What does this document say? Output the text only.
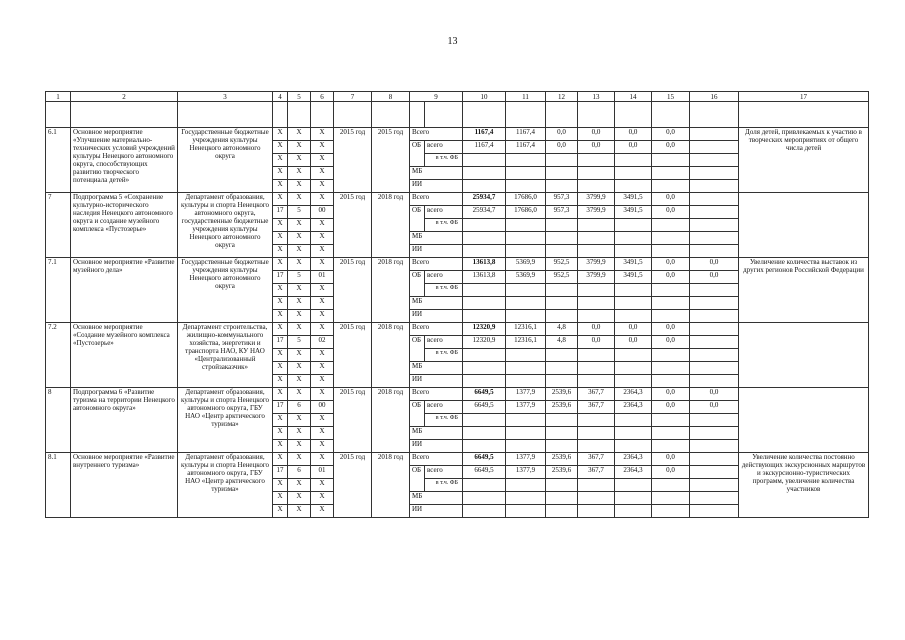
13
1	2	3	4	5	6	7	8	9		10	11	12	13	14	15	16	17

6.1	Основное мероприятие «Улучшение материально-технических условий учреждений культуры Ненецкого автономного округа, способствующих развитию творческого потенциала детей»	Государственные бюджетные учреждения культуры Ненецкого автономного округа	Х	Х	Х	2015 год	2015 год	Всего		1167,4	1167,4	0,0	0,0	0,0	0,0		Доля детей, привлекаемых к участию в творческих мероприятиях от общего числа детей
			Х	Х	Х			ОБ	всего	1167,4	1167,4	0,0	0,0	0,0	0,0		
			Х	Х	Х				в т.ч. ФБ								
			Х	Х	Х			МБ									
			Х	Х	Х			ИИ									
7	Подпрограмма 5 «Сохранение культурно-исторического наследия Ненецкого автономного округа и создание музейного комплекса «Пустозерье»	Департамент образования, культуры и спорта Ненецкого автономного округа, государственные бюджетные учреждения культуры Ненецкого автономного округа	Х	Х	Х	2015 год	2018 год	Всего		25934,7	17686,0	957,3	3799,9	3491,5	0,0		
			17	5	00			ОБ	всего	25934,7	17686,0	957,3	3799,9	3491,5	0,0		
			Х	Х	Х				в т.ч. ФБ								
			Х	Х	Х			МБ									
			Х	Х	Х			ИИ									
7.1	Основное мероприятие «Развитие музейного дела»	Государственные бюджетные учреждения культуры Ненецкого автономного округа	Х	Х	Х	2015 год	2018 год	Всего		13613,8	5369,9	952,5	3799,9	3491,5	0,0	0,0	Увеличение количества выставок из других регионов Российской Федерации
			17	5	01			ОБ	всего	13613,8	5369,9	952,5	3799,9	3491,5	0,0	0,0	
			Х	Х	Х				в т.ч. ФБ								
			Х	Х	Х			МБ									
			Х	Х	Х			ИИ									
7.2	Основное мероприятие «Создание музейного комплекса «Пустозерье»	Департамент строительства, жилищно-коммунального хозяйства, энергетики и транспорта НАО, КУ НАО «Централизованный стройзаказчик»	Х	Х	Х	2015 год	2018 год	Всего		12320,9	12316,1	4,8	0,0	0,0	0,0		
			17	5	02			ОБ	всего	12320,9	12316,1	4,8	0,0	0,0	0,0		
			Х	Х	Х				в т.ч. ФБ								
			Х	Х	Х			МБ									
			Х	Х	Х			ИИ									
8	Подпрограмма 6 «Развитие туризма на территории Ненецкого автономного округа»	Департамент образования, культуры и спорта Ненецкого автономного округа, ГБУ НАО «Центр арктического туризма»	Х	Х	Х	2015 год	2018 год	Всего		6649,5	1377,9	2539,6	367,7	2364,3	0,0	0,0	
			17	6	00			ОБ	всего	6649,5	1377,9	2539,6	367,7	2364,3	0,0	0,0	
			Х	Х	Х				в т.ч. ФБ								
			Х	Х	Х			МБ									
			Х	Х	Х			ИИ									
8.1	Основное мероприятие «Развитие внутреннего туризма»	Департамент образования, культуры и спорта Ненецкого автономного округа, ГБУ НАО «Центр арктического туризма»	Х	Х	Х	2015 год	2018 год	Всего		6649,5	1377,9	2539,6	367,7	2364,3	0,0		Увеличение количества постоянно действующих экскурсионных маршрутов и экскурсионно-туристических программ, увеличение количества участников
			17	6	01			ОБ	всего	6649,5	1377,9	2539,6	367,7	2364,3	0,0		
			Х	Х	Х				в т.ч. ФБ								
			Х	Х	Х			МБ									
			Х	Х	Х			ИИ									
